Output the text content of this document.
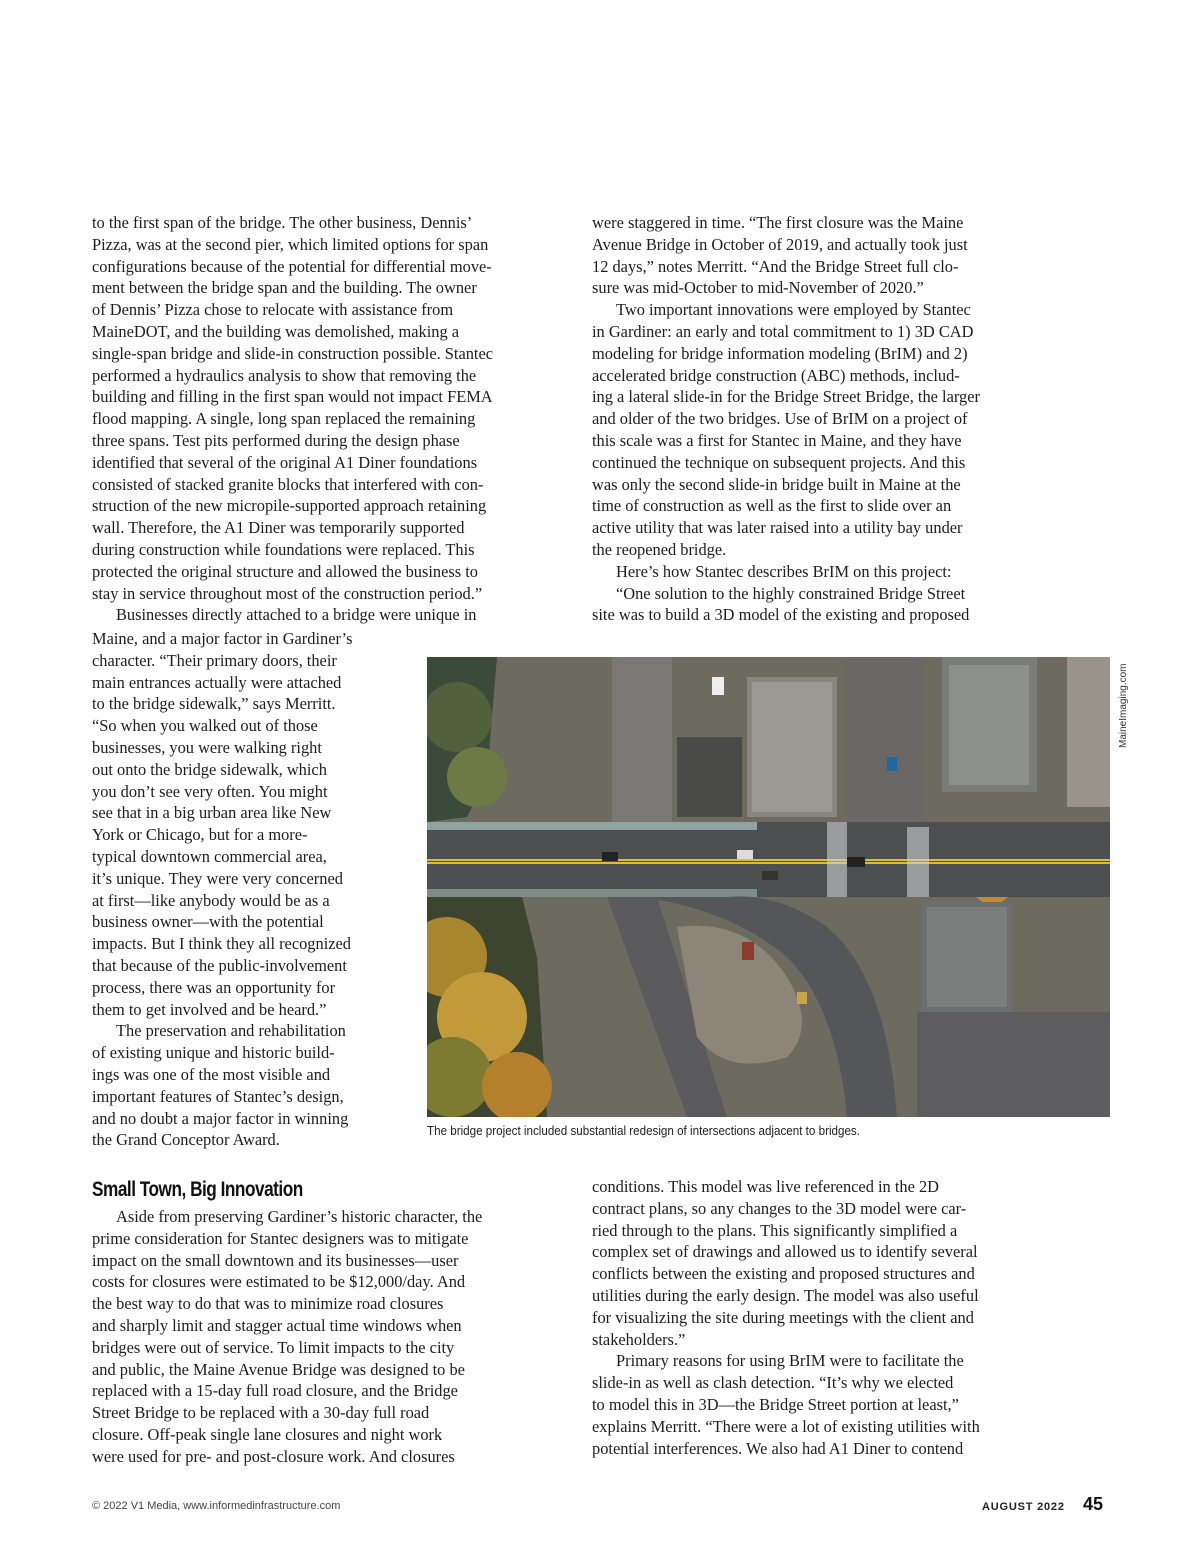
to the first span of the bridge. The other business, Dennis’
Pizza, was at the second pier, which limited options for span
configurations because of the potential for differential move-
ment between the bridge span and the building. The owner
of Dennis’ Pizza chose to relocate with assistance from
MaineDOT, and the building was demolished, making a
single-span bridge and slide-in construction possible. Stantec
performed a hydraulics analysis to show that removing the
building and filling in the first span would not impact FEMA
flood mapping. A single, long span replaced the remaining
three spans. Test pits performed during the design phase
identified that several of the original A1 Diner foundations
consisted of stacked granite blocks that interfered with con-
struction of the new micropile-supported approach retaining
wall. Therefore, the A1 Diner was temporarily supported
during construction while foundations were replaced. This
protected the original structure and allowed the business to
stay in service throughout most of the construction period.”
Businesses directly attached to a bridge were unique in

Maine, and a major factor in Gardiner’s
character. “Their primary doors, their
main entrances actually were attached
to the bridge sidewalk,” says Merritt.
“So when you walked out of those
businesses, you were walking right
out onto the bridge sidewalk, which
you don’t see very often. You might
see that in a big urban area like New
York or Chicago, but for a more-
typical downtown commercial area,
it’s unique. They were very concerned
at first—like anybody would be as a
business owner—with the potential
impacts. But I think they all recognized
that because of the public-involvement
process, there was an opportunity for
them to get involved and be heard.”
The preservation and rehabilitation
of existing unique and historic build-
ings was one of the most visible and
important features of Stantec’s design,
and no doubt a major factor in winning
the Grand Conceptor Award.
were staggered in time. “The first closure was the Maine
Avenue Bridge in October of 2019, and actually took just
12 days,” notes Merritt. “And the Bridge Street full clo-
sure was mid-October to mid-November of 2020.”
Two important innovations were employed by Stantec
in Gardiner: an early and total commitment to 1) 3D CAD
modeling for bridge information modeling (BrIM) and 2)
accelerated bridge construction (ABC) methods, includ-
ing a lateral slide-in for the Bridge Street Bridge, the larger
and older of the two bridges. Use of BrIM on a project of
this scale was a first for Stantec in Maine, and they have
continued the technique on subsequent projects. And this
was only the second slide-in bridge built in Maine at the
time of construction as well as the first to slide over an
active utility that was later raised into a utility bay under
the reopened bridge.
Here’s how Stantec describes BrIM on this project:
“One solution to the highly constrained Bridge Street
site was to build a 3D model of the existing and proposed
MaineImaging.com
The bridge project included substantial redesign of intersections adjacent to bridges.
Small Town, Big Innovation
Aside from preserving Gardiner’s historic character, the
prime consideration for Stantec designers was to mitigate
impact on the small downtown and its businesses—user
costs for closures were estimated to be $12,000/day. And
the best way to do that was to minimize road closures
and sharply limit and stagger actual time windows when
bridges were out of service. To limit impacts to the city
and public, the Maine Avenue Bridge was designed to be
replaced with a 15-day full road closure, and the Bridge
Street Bridge to be replaced with a 30-day full road
closure. Off-peak single lane closures and night work
were used for pre- and post-closure work. And closures
conditions. This model was live referenced in the 2D
contract plans, so any changes to the 3D model were car-
ried through to the plans. This significantly simplified a
complex set of drawings and allowed us to identify several
conflicts between the existing and proposed structures and
utilities during the early design. The model was also useful
for visualizing the site during meetings with the client and
stakeholders.”
Primary reasons for using BrIM were to facilitate the
slide-in as well as clash detection. “It’s why we elected
to model this in 3D—the Bridge Street portion at least,”
explains Merritt. “There were a lot of existing utilities with
potential interferences. We also had A1 Diner to contend
© 2022 V1 Media, www.informedinfrastructure.com	AUGUST 2022 45
